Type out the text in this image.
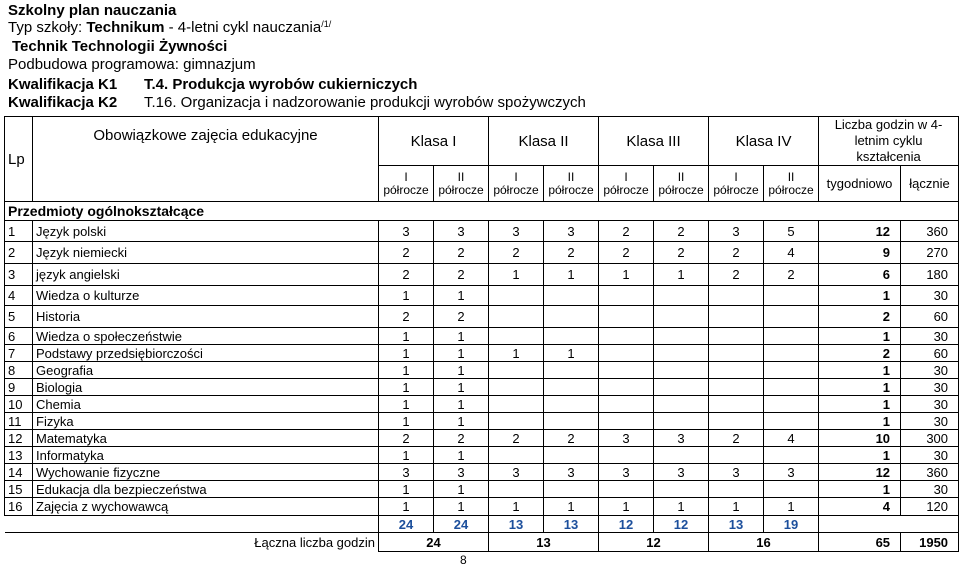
Szkolny plan nauczania
Typ szkoły: Technikum - 4-letni cykl nauczania$^{/1/}$
Technik Technologii Żywności
Podbudowa programowa: gimnazjum
Kwalifikacja K1 T.4. Produkcja wyrobów cukierniczych
Kwalifikacja K2 T.16. Organizacja i nadzorowanie produkcji wyrobów spożywczych
Lp	Obowiązkowe zajęcia edukacyjne	Klasa I		Klasa II		Klasa III		Klasa IV		Liczba godzin w 4-letnim cyklu kształcenia	
		I
półrocze	II
półrocze	I
półrocze	II
półrocze	I
półrocze	II
półrocze	I
półrocze	II
półrocze	tygodniowo	łącznie
Przedmioty ogólnokształcące											
1	Język polski	3	3	3	3	2	2	3	5	12	360
2	Język niemiecki	2	2	2	2	2	2	2	4	9	270
3	język angielski	2	2	1	1	1	1	2	2	6	180
4	Wiedza o kulturze	1	1							1	30
5	Historia	2	2							2	60
6	Wiedza o społeczeństwie	1	1							1	30
7	Podstawy przedsiębiorczości	1	1	1	1					2	60
8	Geografia	1	1							1	30
9	Biologia	1	1							1	30
10	Chemia	1	1							1	30
11	Fizyka	1	1							1	30
12	Matematyka	2	2	2	2	3	3	2	4	10	300
13	Informatyka	1	1							1	30
14	Wychowanie fizyczne	3	3	3	3	3	3	3	3	12	360
15	Edukacja dla bezpieczeństwa	1	1							1	30
16	Zajęcia z wychowawcą	1	1	1	1	1	1	1	1	4	120
		24	24	13	13	12	12	13	19		
Łączna liczba godzin		24		13		12		16		65	1950
8
